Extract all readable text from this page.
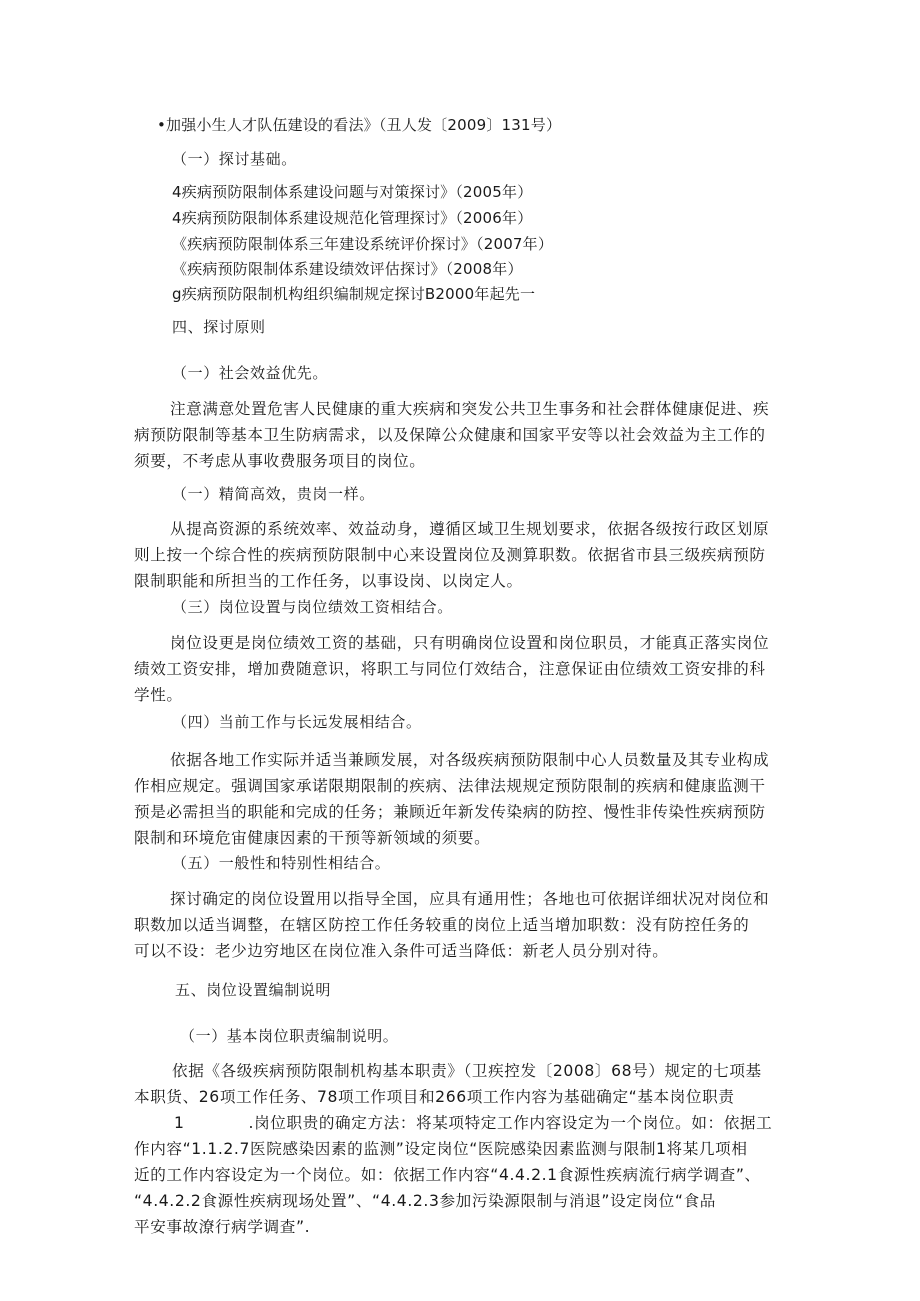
•加强小生人才队伍建设的看法》（丑人发〔2009〕131号）
（一）探讨基础。
4疾病预防限制体系建设问题与对策探讨》（2005年）
4疾病预防限制体系建设规范化管理探讨》（2006年）
《疾病预防限制体系三年建设系统评价探讨》（2007年）
《疾病预防限制体系建设绩效评估探讨》（2008年）
g疾病预防限制机构组织编制规定探讨B2000年起先一
四、探讨原则
（一）社会效益优先。
注意满意处置危害人民健康的重大疾病和突发公共卫生事务和社会群体健康促进、疾
病预防限制等基本卫生防病需求，以及保障公众健康和国家平安等以社会效益为主工作的
须要，不考虑从事收费服务项目的岗位。
（一）精简高效，贵岗一样。
从提高资源的系统效率、效益动身，遵循区域卫生规划要求，依据各级按行政区划原
则上按一个综合性的疾病预防限制中心来设置岗位及测算职数。依据省市县三级疾病预防
限制职能和所担当的工作任务，以事设岗、以岗定人。
（三）岗位设置与岗位绩效工资相结合。
岗位设更是岗位绩效工资的基础，只有明确岗位设置和岗位职员，才能真正落实岗位
绩效工资安排，增加费随意识，将职工与同位仃效结合，注意保证由位绩效工资安排的科
学性。
（四）当前工作与长远发展相结合。
依据各地工作实际并适当兼顾发展，对各级疾病预防限制中心人员数量及其专业构成
作相应规定。强调国家承诺限期限制的疾病、法律法规规定预防限制的疾病和健康监测干
预是必需担当的职能和完成的任务；兼顾近年新发传染病的防控、慢性非传染性疾病预防
限制和环境危宙健康因素的干预等新领域的须要。
（五）一般性和特别性相结合。
探讨确定的岗位设置用以指导全国，应具有通用性；各地也可依据详细状况对岗位和
职数加以适当调整，在辖区防控工作任务较重的岗位上适当增加职数：没有防控任务的
可以不设：老少边穷地区在岗位准入条件可适当降低：新老人员分别对待。
五、岗位设置编制说明
（一）基本岗位职责编制说明。
依据《各级疾病预防限制机构基本职责》（卫疾控发〔2008〕68号）规定的七项基
本职货、26项工作任务、78项工作项目和266项工作内容为基础确定“基本岗位职责
1	.岗位职贵的确定方法：将某项特定工作内容设定为一个岗位。如：依据工
作内容“1.1.2.7医院感染因素的监测”设定岗位“医院感染因素监测与限制1将某几项相
近的工作内容设定为一个岗位。如：依据工作内容“4.4.2.1食源性疾病流行病学调查”、
“4.4.2.2食源性疾病现场处置”、“4.4.2.3参加污染源限制与消退”设定岗位“食品
平安事故潦行病学调查”.
